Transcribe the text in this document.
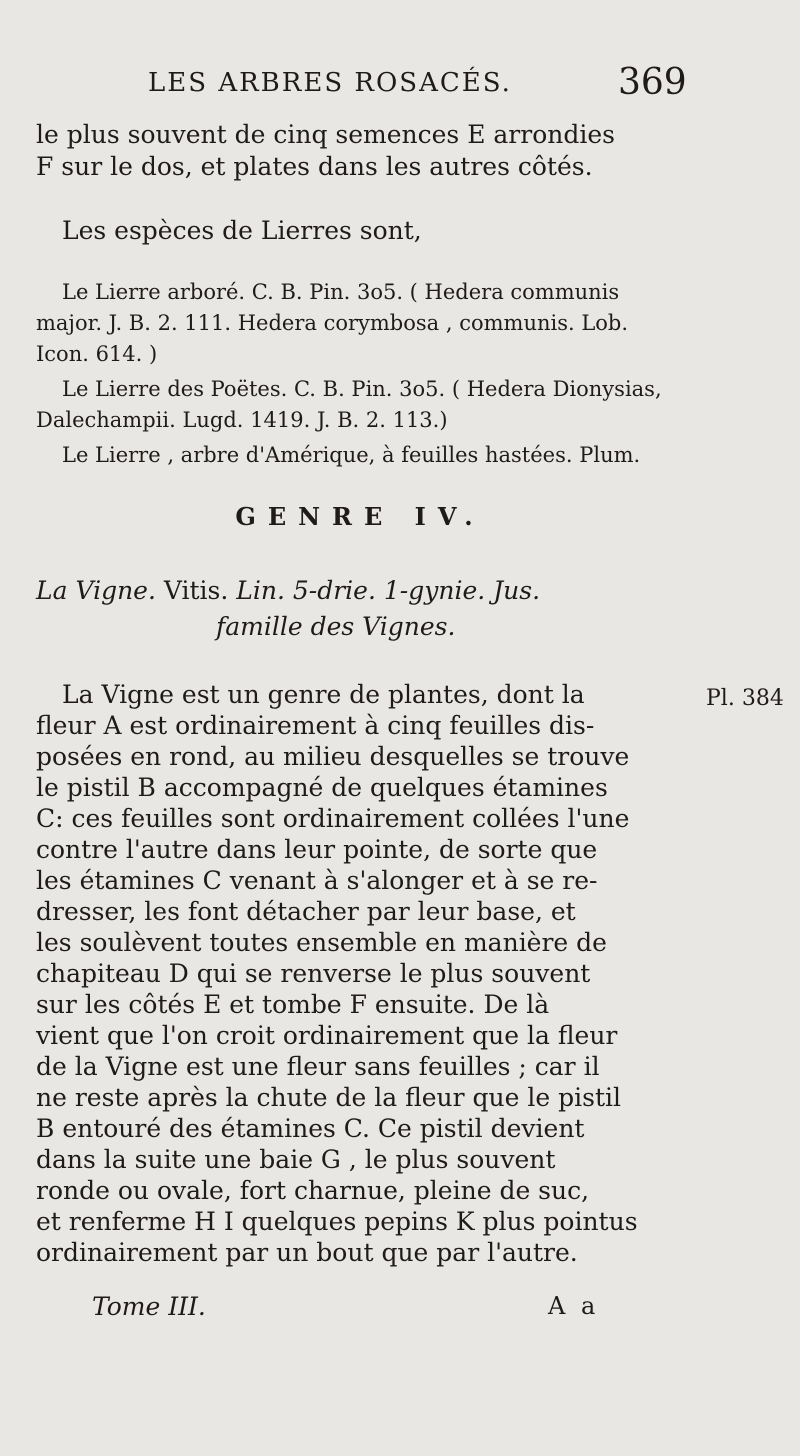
LES ARBRES ROSACÉS.	369
le plus souvent de cinq semences E arrondies
F sur le dos, et plates dans les autres côtés.
Les espèces de Lierres sont,
Le Lierre arboré. C. B. Pin. 3o5. ( Hedera communis
major. J. B. 2. 111. Hedera corymbosa , communis. Lob.
Icon. 614. )
Le Lierre des Poëtes. C. B. Pin. 3o5. ( Hedera Dionysias,
Dalechampii. Lugd. 1419. J. B. 2. 113.)
Le Lierre , arbre d'Amérique, à feuilles hastées. Plum.
GENRE IV.
La Vigne. Vitis. Lin. 5-drie. 1-gynie. Jus.
famille des Vignes.
Pl. 384
La Vigne est un genre de plantes, dont la
fleur A est ordinairement à cinq feuilles dis-
posées en rond, au milieu desquelles se trouve
le pistil B accompagné de quelques étamines
C: ces feuilles sont ordinairement collées l'une
contre l'autre dans leur pointe, de sorte que
les étamines C venant à s'alonger et à se re-
dresser, les font détacher par leur base, et
les soulèvent toutes ensemble en manière de
chapiteau D qui se renverse le plus souvent
sur les côtés E et tombe F ensuite. De là
vient que l'on croit ordinairement que la fleur
de la Vigne est une fleur sans feuilles ; car il
ne reste après la chute de la fleur que le pistil
B entouré des étamines C. Ce pistil devient
dans la suite une baie G , le plus souvent
ronde ou ovale, fort charnue, pleine de suc,
et renferme H I quelques pepins K plus pointus
ordinairement par un bout que par l'autre.
Tome III.	A a
